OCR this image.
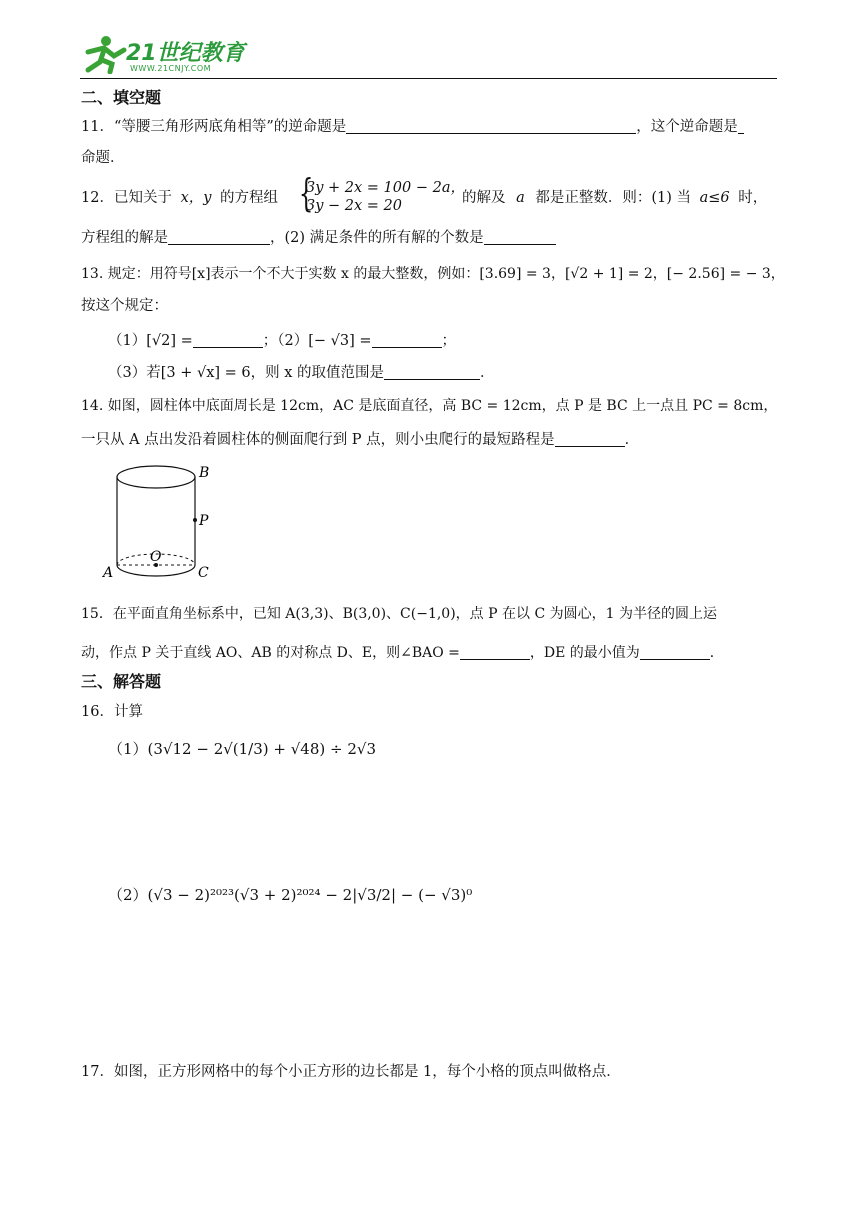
21世纪教育
WWW.21CNJY.COM
二、填空题
11．“等腰三角形两底角相等”的逆命题是	，这个逆命题是
命题．
12．已知关于 x，y 的方程组 {
3y + 2x = 100 − 2a，
3y − 2x = 20	的解及 a 都是正整数．则：(1) 当 a≤6 时，
方程组的解是	，(2) 满足条件的所有解的个数是
13. 规定：用符号[x]表示一个不大于实数 x 的最大整数，例如：[3.69] = 3，[√2 + 1] = 2，[− 2.56] = − 3，
按这个规定：
（1）[√2] =	；（2）[− √3] =	；
（3）若[3 + √x] = 6，则 x 的取值范围是	．
14. 如图，圆柱体中底面周长是 12cm，AC 是底面直径，高 BC = 12cm，点 P 是 BC 上一点且 PC = 8cm，
一只从 A 点出发沿着圆柱体的侧面爬行到 P 点，则小虫爬行的最短路程是	．
B
P
O
A	C
15．在平面直角坐标系中，已知 A(3,3)、B(3,0)、C(−1,0)，点 P 在以 C 为圆心，1 为半径的圆上运
动，作点 P 关于直线 AO、AB 的对称点 D、E，则∠BAO =	，DE 的最小值为	．
三、解答题
16．计算
（1）(3√12 − 2√(1/3) + √48) ÷ 2√3
（2）(√3 − 2)²⁰²³(√3 + 2)²⁰²⁴ − 2|√3/2| − (− √3)⁰
17．如图，正方形网格中的每个小正方形的边长都是 1，每个小格的顶点叫做格点．
